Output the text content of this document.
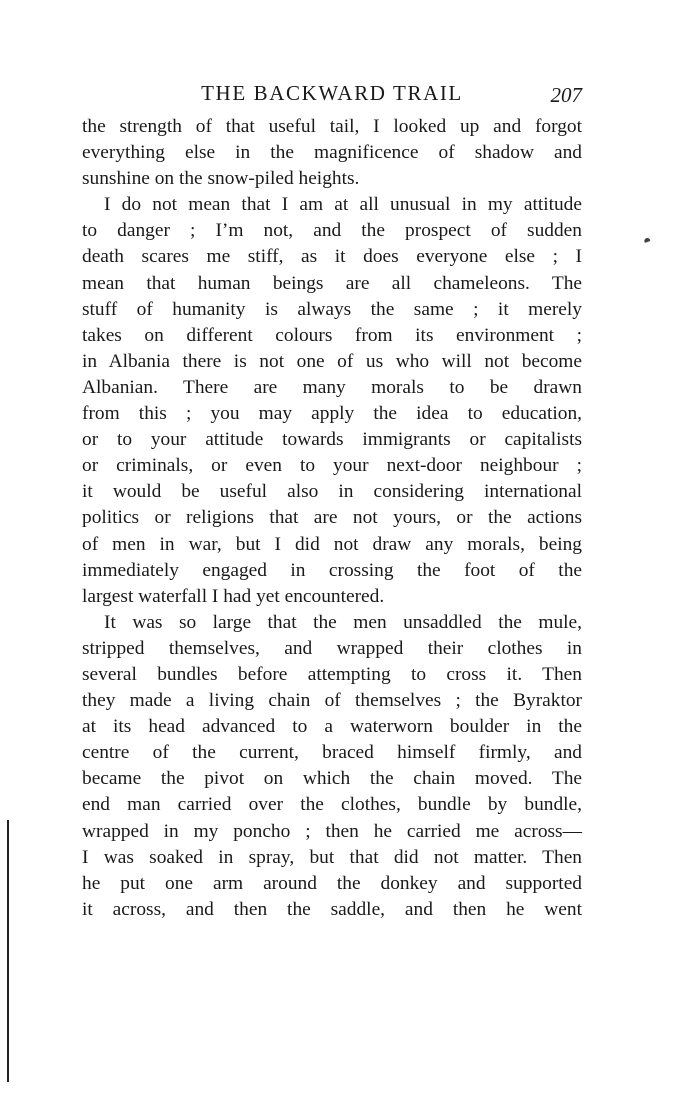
THE BACKWARD TRAIL	207
the strength of that useful tail, I looked up and forgot
everything else in the magnificence of shadow and
sunshine on the snow-piled heights.
I do not mean that I am at all unusual in my attitude
to danger ; I’m not, and the prospect of sudden
death scares me stiff, as it does everyone else ; I
mean that human beings are all chameleons. The
stuff of humanity is always the same ; it merely
takes on different colours from its environment ;
in Albania there is not one of us who will not become
Albanian. There are many morals to be drawn
from this ; you may apply the idea to education,
or to your attitude towards immigrants or capitalists
or criminals, or even to your next-door neighbour ;
it would be useful also in considering international
politics or religions that are not yours, or the actions
of men in war, but I did not draw any morals, being
immediately engaged in crossing the foot of the
largest waterfall I had yet encountered.
It was so large that the men unsaddled the mule,
stripped themselves, and wrapped their clothes in
several bundles before attempting to cross it. Then
they made a living chain of themselves ; the Byraktor
at its head advanced to a waterworn boulder in the
centre of the current, braced himself firmly, and
became the pivot on which the chain moved. The
end man carried over the clothes, bundle by bundle,
wrapped in my poncho ; then he carried me across—
I was soaked in spray, but that did not matter. Then
he put one arm around the donkey and supported
it across, and then the saddle, and then he went
